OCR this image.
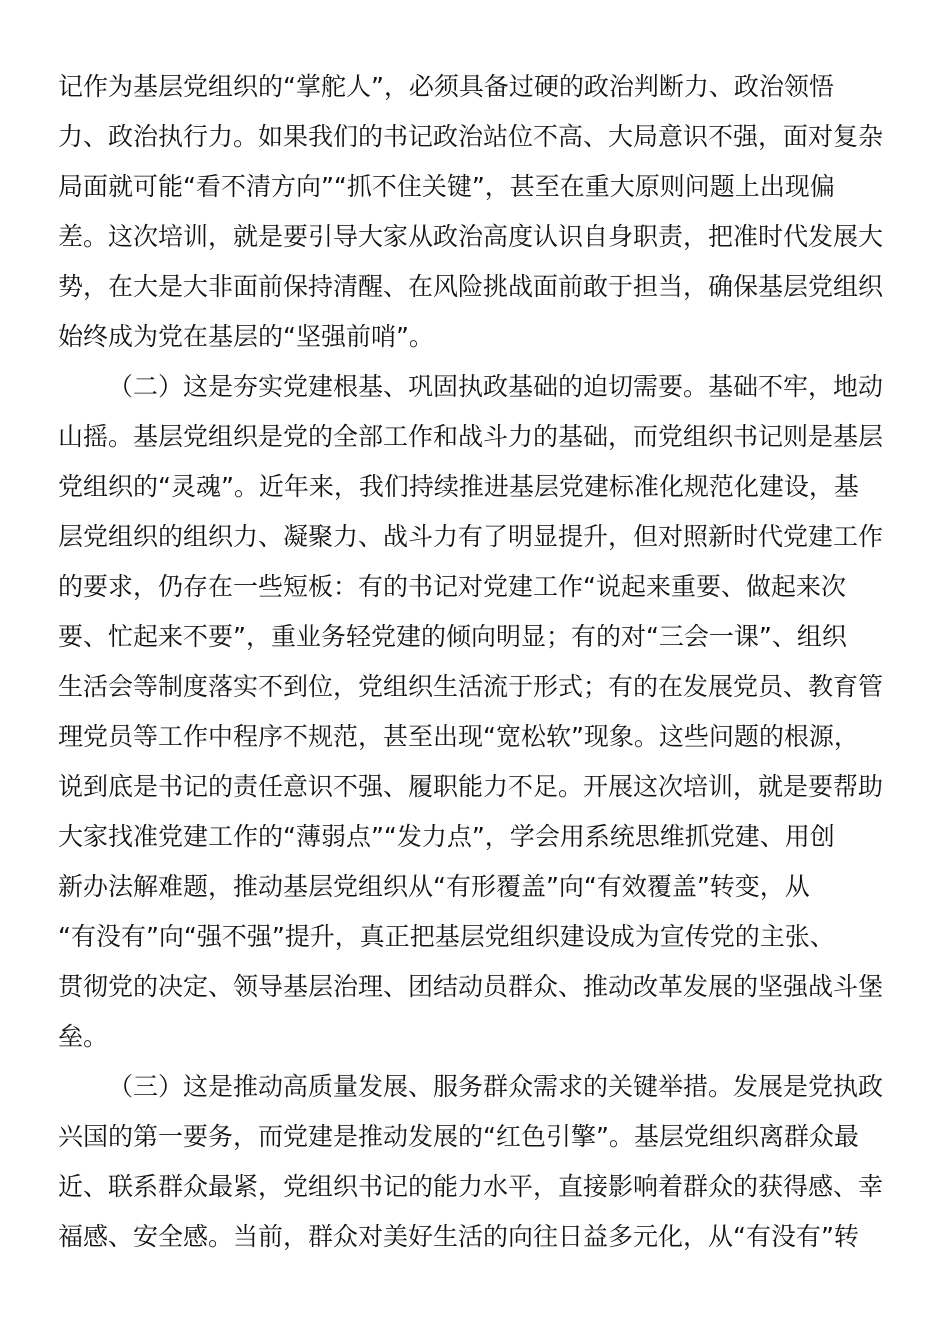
记作为基层党组织的“掌舵人”，必须具备过硬的政治判断力、政治领悟
力、政治执行力。如果我们的书记政治站位不高、大局意识不强，面对复杂
局面就可能“看不清方向”“抓不住关键”，甚至在重大原则问题上出现偏
差。这次培训，就是要引导大家从政治高度认识自身职责，把准时代发展大
势，在大是大非面前保持清醒、在风险挑战面前敢于担当，确保基层党组织
始终成为党在基层的“坚强前哨”。
（二）这是夯实党建根基、巩固执政基础的迫切需要。基础不牢，地动
山摇。基层党组织是党的全部工作和战斗力的基础，而党组织书记则是基层
党组织的“灵魂”。近年来，我们持续推进基层党建标准化规范化建设，基
层党组织的组织力、凝聚力、战斗力有了明显提升，但对照新时代党建工作
的要求，仍存在一些短板：有的书记对党建工作“说起来重要、做起来次
要、忙起来不要”，重业务轻党建的倾向明显；有的对“三会一课”、组织
生活会等制度落实不到位，党组织生活流于形式；有的在发展党员、教育管
理党员等工作中程序不规范，甚至出现“宽松软”现象。这些问题的根源，
说到底是书记的责任意识不强、履职能力不足。开展这次培训，就是要帮助
大家找准党建工作的“薄弱点”“发力点”，学会用系统思维抓党建、用创
新办法解难题，推动基层党组织从“有形覆盖”向“有效覆盖”转变，从
“有没有”向“强不强”提升，真正把基层党组织建设成为宣传党的主张、
贯彻党的决定、领导基层治理、团结动员群众、推动改革发展的坚强战斗堡
垒。
（三）这是推动高质量发展、服务群众需求的关键举措。发展是党执政
兴国的第一要务，而党建是推动发展的“红色引擎”。基层党组织离群众最
近、联系群众最紧，党组织书记的能力水平，直接影响着群众的获得感、幸
福感、安全感。当前，群众对美好生活的向往日益多元化，从“有没有”转
